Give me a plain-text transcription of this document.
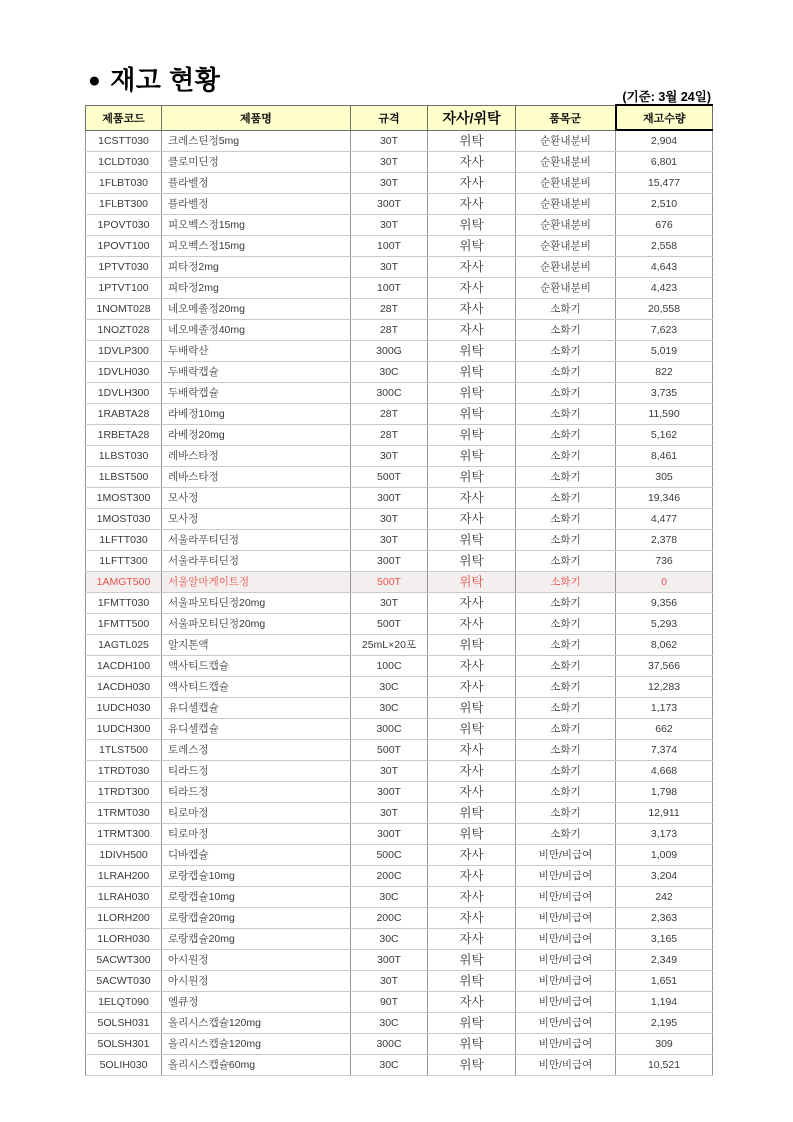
● 재고 현황
(기준: 3월 24일)
제품코드	제품명	규격	자사/위탁	품목군	재고수량
1CSTT030	크레스틴정5mg	30T	위탁	순환내분비	2,904
1CLDT030	클로미딘정	30T	자사	순환내분비	6,801
1FLBT030	플라벨정	30T	자사	순환내분비	15,477
1FLBT300	플라벨정	300T	자사	순환내분비	2,510
1POVT030	피오벡스정15mg	30T	위탁	순환내분비	676
1POVT100	피오벡스정15mg	100T	위탁	순환내분비	2,558
1PTVT030	피타정2mg	30T	자사	순환내분비	4,643
1PTVT100	피타정2mg	100T	자사	순환내분비	4,423
1NOMT028	네오메졸정20mg	28T	자사	소화기	20,558
1NOZT028	네오메졸정40mg	28T	자사	소화기	7,623
1DVLP300	두배락산	300G	위탁	소화기	5,019
1DVLH030	두배락캡슐	30C	위탁	소화기	822
1DVLH300	두배락캡슐	300C	위탁	소화기	3,735
1RABTA28	라베정10mg	28T	위탁	소화기	11,590
1RBETA28	라베정20mg	28T	위탁	소화기	5,162
1LBST030	레바스타정	30T	위탁	소화기	8,461
1LBST500	레바스타정	500T	위탁	소화기	305
1MOST300	모사정	300T	자사	소화기	19,346
1MOST030	모사정	30T	자사	소화기	4,477
1LFTT030	서울라푸티딘정	30T	위탁	소화기	2,378
1LFTT300	서울라푸티딘정	300T	위탁	소화기	736
1AMGT500	서울알마게이트정	500T	위탁	소화기	0
1FMTT030	서울파모티딘정20mg	30T	자사	소화기	9,356
1FMTT500	서울파모티딘정20mg	500T	자사	소화기	5,293
1AGTL025	알지톤액	25mL×20포	위탁	소화기	8,062
1ACDH100	액사티드캡슐	100C	자사	소화기	37,566
1ACDH030	액사티드캡슐	30C	자사	소화기	12,283
1UDCH030	유디셀캡슐	30C	위탁	소화기	1,173
1UDCH300	유디셀캡슐	300C	위탁	소화기	662
1TLST500	토레스정	500T	자사	소화기	7,374
1TRDT030	티라드정	30T	자사	소화기	4,668
1TRDT300	티라드정	300T	자사	소화기	1,798
1TRMT030	티로마정	30T	위탁	소화기	12,911
1TRMT300	티로마정	300T	위탁	소화기	3,173
1DIVH500	디바캡슐	500C	자사	비만/비급여	1,009
1LRAH200	로랑캡슐10mg	200C	자사	비만/비급여	3,204
1LRAH030	로랑캡슐10mg	30C	자사	비만/비급여	242
1LORH200	로랑캡슐20mg	200C	자사	비만/비급여	2,363
1LORH030	로랑캡슐20mg	30C	자사	비만/비급여	3,165
5ACWT300	아시원정	300T	위탁	비만/비급여	2,349
5ACWT030	아시원정	30T	위탁	비만/비급여	1,651
1ELQT090	엘큐정	90T	자사	비만/비급여	1,194
5OLSH031	올리시스캡슐120mg	30C	위탁	비만/비급여	2,195
5OLSH301	올리시스캡슐120mg	300C	위탁	비만/비급여	309
5OLIH030	올리시스캡슐60mg	30C	위탁	비만/비급여	10,521
